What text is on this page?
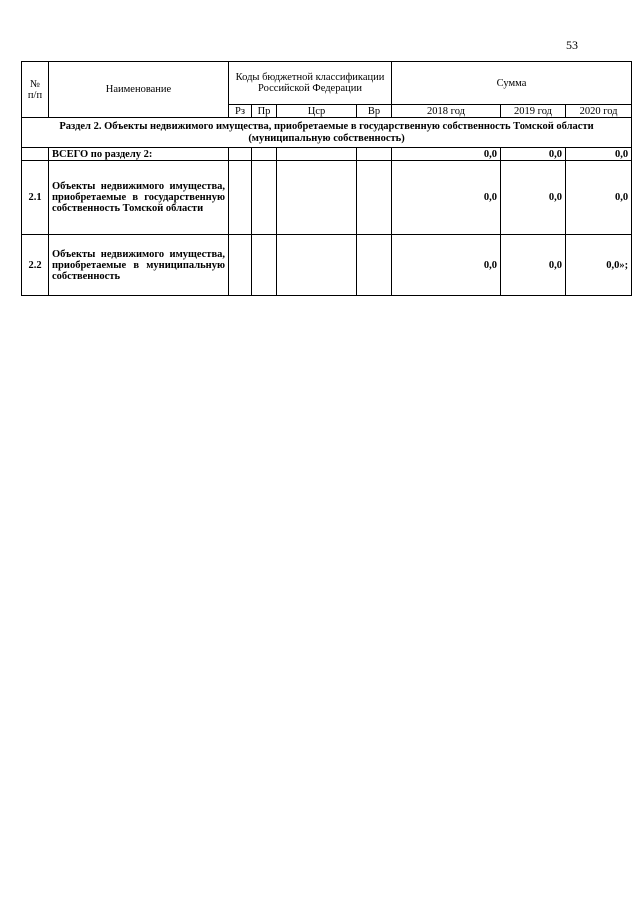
53
№ п/п	Наименование	Коды бюджетной классификации Российской Федерации				Сумма		
		Рз	Пр	Цср	Вр	2018 год	2019 год	2020 год
Раздел 2. Объекты недвижимого имущества, приобретаемые в государственную собственность Томской области (муниципальную собственность)								
	ВСЕГО по разделу 2:					0,0	0,0	0,0
2.1	Объекты недвижимого имущества, приобретаемые в государственную собственность Томской области					0,0	0,0	0,0
2.2	Объекты недвижимого имущества, приобретаемые в муниципальную собственность					0,0	0,0	0,0»;
